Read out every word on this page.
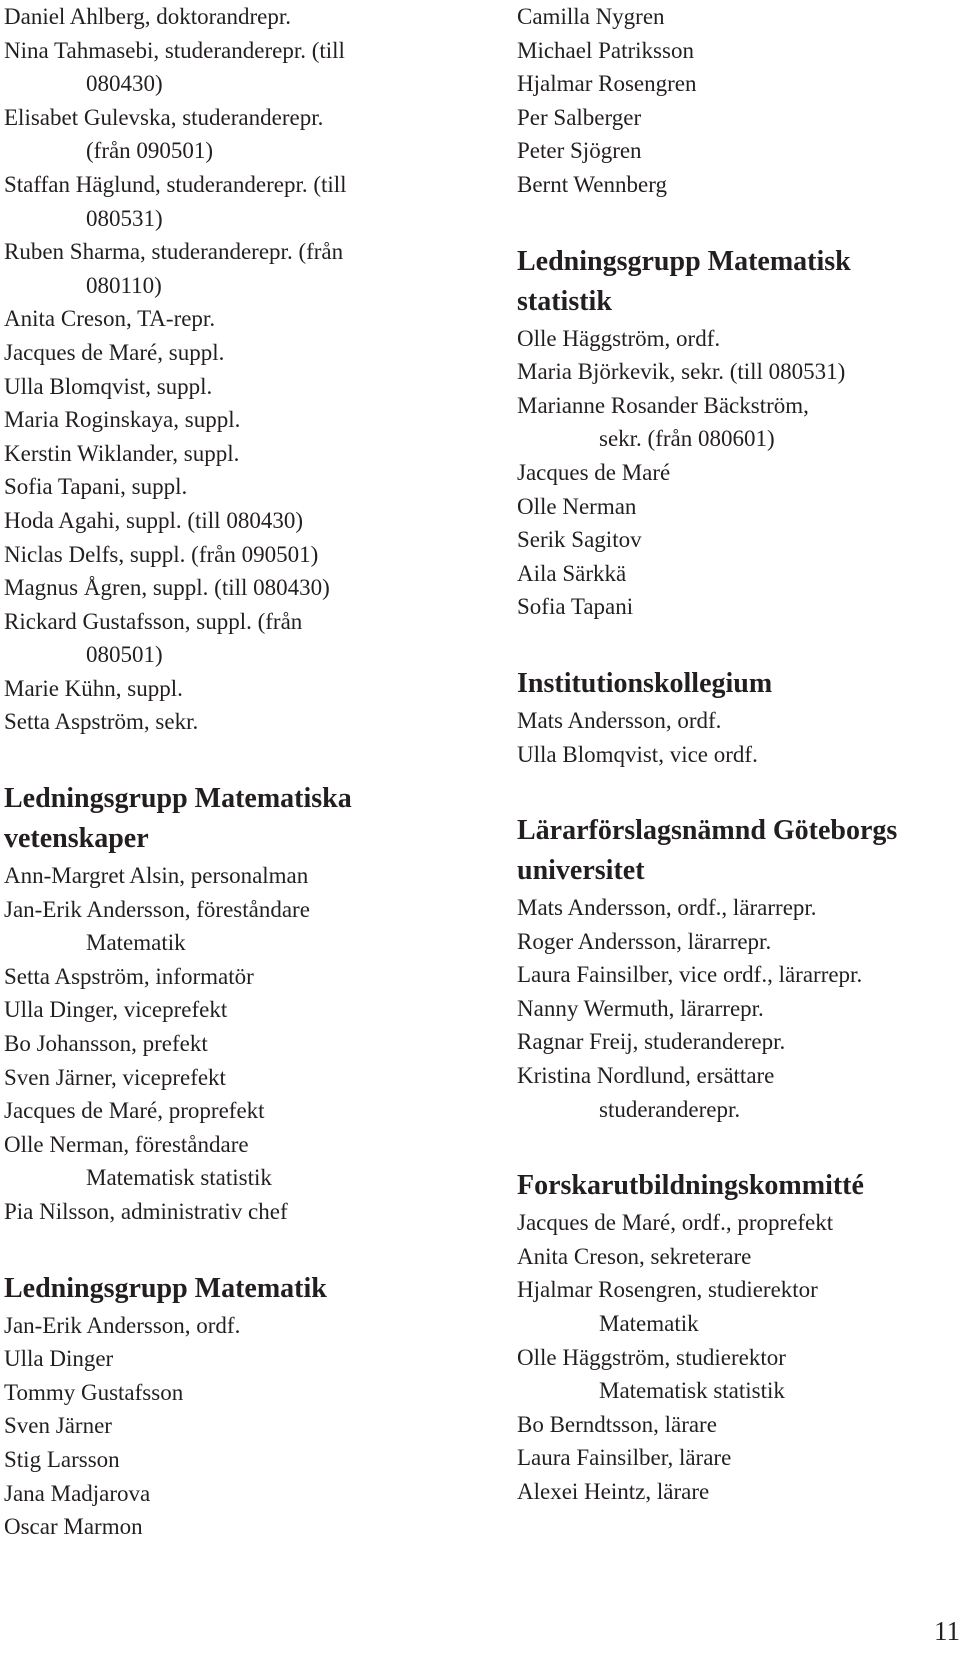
Daniel Ahlberg, doktorandrepr.
Nina Tahmasebi, studeranderepr. (till
080430)
Elisabet Gulevska, studeranderepr.
(från 090501)
Staffan Häglund, studeranderepr. (till
080531)
Ruben Sharma, studeranderepr. (från
080110)
Anita Creson, TA-repr.
Jacques de Maré, suppl.
Ulla Blomqvist, suppl.
Maria Roginskaya, suppl.
Kerstin Wiklander, suppl.
Sofia Tapani, suppl.
Hoda Agahi, suppl. (till 080430)
Niclas Delfs, suppl. (från 090501)
Magnus Ågren, suppl. (till 080430)
Rickard Gustafsson, suppl. (från
080501)
Marie Kühn, suppl.
Setta Aspström, sekr.
Ledningsgrupp Matematiska
vetenskaper
Ann-Margret Alsin, personalman
Jan-Erik Andersson, föreståndare
Matematik
Setta Aspström, informatör
Ulla Dinger, viceprefekt
Bo Johansson, prefekt
Sven Järner, viceprefekt
Jacques de Maré, proprefekt
Olle Nerman, föreståndare
Matematisk statistik
Pia Nilsson, administrativ chef
Ledningsgrupp Matematik
Jan-Erik Andersson, ordf.
Ulla Dinger
Tommy Gustafsson
Sven Järner
Stig Larsson
Jana Madjarova
Oscar Marmon
Camilla Nygren
Michael Patriksson
Hjalmar Rosengren
Per Salberger
Peter Sjögren
Bernt Wennberg
Ledningsgrupp Matematisk
statistik
Olle Häggström, ordf.
Maria Björkevik, sekr. (till 080531)
Marianne Rosander Bäckström,
sekr. (från 080601)
Jacques de Maré
Olle Nerman
Serik Sagitov
Aila Särkkä
Sofia Tapani
Institutionskollegium
Mats Andersson, ordf.
Ulla Blomqvist, vice ordf.
Lärarförslagsnämnd Göteborgs
universitet
Mats Andersson, ordf., lärarrepr.
Roger Andersson, lärarrepr.
Laura Fainsilber, vice ordf., lärarrepr.
Nanny Wermuth, lärarrepr.
Ragnar Freij, studeranderepr.
Kristina Nordlund, ersättare
studeranderepr.
Forskarutbildningskommitté
Jacques de Maré, ordf., proprefekt
Anita Creson, sekreterare
Hjalmar Rosengren, studierektor
Matematik
Olle Häggström, studierektor
Matematisk statistik
Bo Berndtsson, lärare
Laura Fainsilber, lärare
Alexei Heintz, lärare
11
